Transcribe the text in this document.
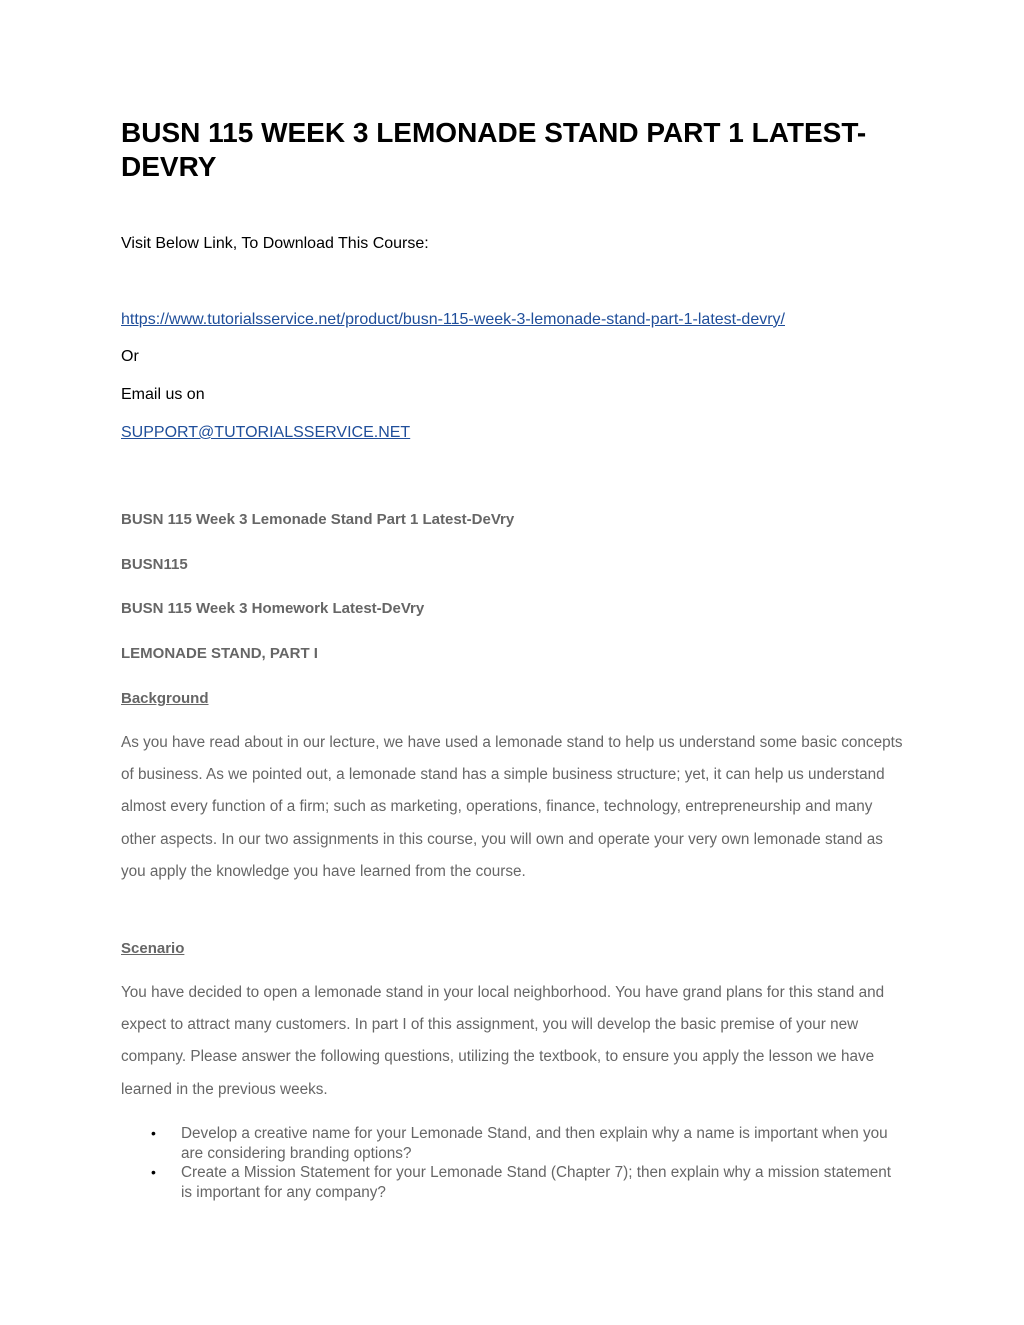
BUSN 115 WEEK 3 LEMONADE STAND PART 1 LATEST-DEVRY

Visit Below Link, To Download This Course:

https://www.tutorialsservice.net/product/busn-115-week-3-lemonade-stand-part-1-latest-devry/

Or

Email us on

SUPPORT@TUTORIALSSERVICE.NET

BUSN 115 Week 3 Lemonade Stand Part 1 Latest-DeVry

BUSN115

BUSN 115 Week 3 Homework Latest-DeVry

LEMONADE STAND, PART I

Background

As you have read about in our lecture, we have used a lemonade stand to help us understand some basic concepts of business. As we pointed out, a lemonade stand has a simple business structure; yet, it can help us understand almost every function of a firm; such as marketing, operations, finance, technology, entrepreneurship and many other aspects. In our two assignments in this course, you will own and operate your very own lemonade stand as you apply the knowledge you have learned from the course.

Scenario

You have decided to open a lemonade stand in your local neighborhood. You have grand plans for this stand and expect to attract many customers. In part I of this assignment, you will develop the basic premise of your new company. Please answer the following questions, utilizing the textbook, to ensure you apply the lesson we have learned in the previous weeks.

• Develop a creative name for your Lemonade Stand, and then explain why a name is important when you are considering branding options?
• Create a Mission Statement for your Lemonade Stand (Chapter 7); then explain why a mission statement is important for any company?
